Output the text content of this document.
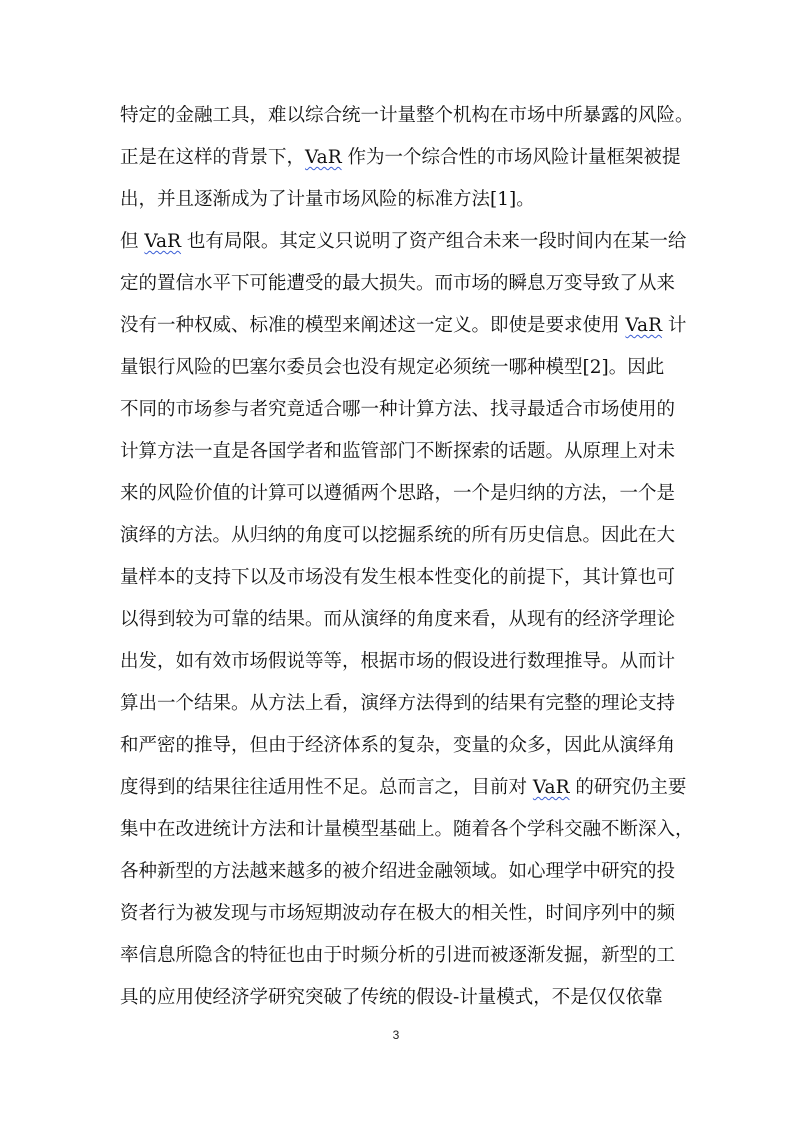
特定的金融工具，难以综合统一计量整个机构在市场中所暴露的风险。
正是在这样的背景下，VaR 作为一个综合性的市场风险计量框架被提
出，并且逐渐成为了计量市场风险的标准方法[1]。
但 VaR 也有局限。其定义只说明了资产组合未来一段时间内在某一给
定的置信水平下可能遭受的最大损失。而市场的瞬息万变导致了从来
没有一种权威、标准的模型来阐述这一定义。即使是要求使用 VaR 计
量银行风险的巴塞尔委员会也没有规定必须统一哪种模型[2]。因此
不同的市场参与者究竟适合哪一种计算方法、找寻最适合市场使用的
计算方法一直是各国学者和监管部门不断探索的话题。从原理上对未
来的风险价值的计算可以遵循两个思路，一个是归纳的方法，一个是
演绎的方法。从归纳的角度可以挖掘系统的所有历史信息。因此在大
量样本的支持下以及市场没有发生根本性变化的前提下，其计算也可
以得到较为可靠的结果。而从演绎的角度来看，从现有的经济学理论
出发，如有效市场假说等等，根据市场的假设进行数理推导。从而计
算出一个结果。从方法上看，演绎方法得到的结果有完整的理论支持
和严密的推导，但由于经济体系的复杂，变量的众多，因此从演绎角
度得到的结果往往适用性不足。总而言之，目前对 VaR 的研究仍主要
集中在改进统计方法和计量模型基础上。随着各个学科交融不断深入，
各种新型的方法越来越多的被介绍进金融领域。如心理学中研究的投
资者行为被发现与市场短期波动存在极大的相关性，时间序列中的频
率信息所隐含的特征也由于时频分析的引进而被逐渐发掘，新型的工
具的应用使经济学研究突破了传统的假设-计量模式，不是仅仅依靠
3
